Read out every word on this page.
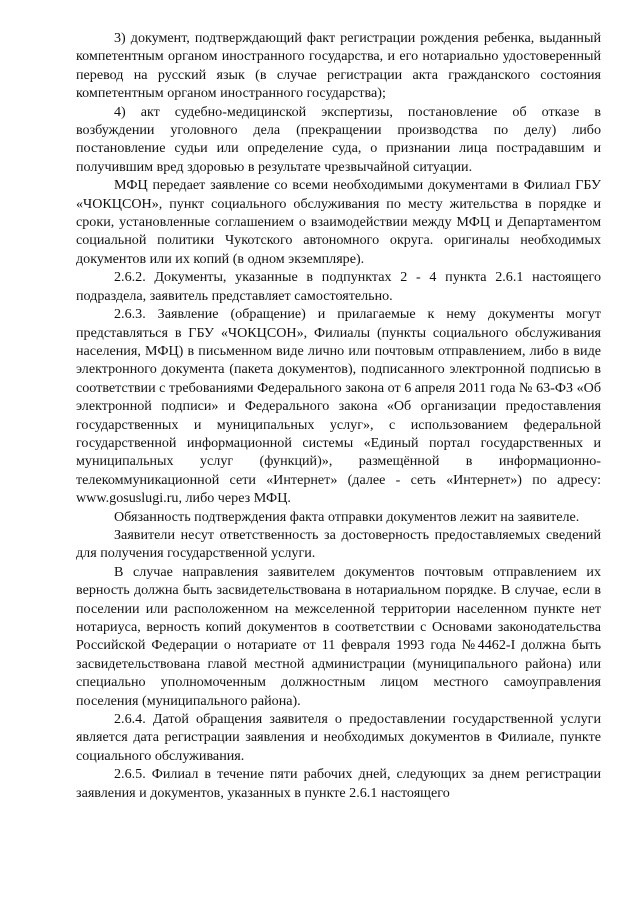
3) документ, подтверждающий факт регистрации рождения ребенка, выданный компетентным органом иностранного государства, и его нотариально удостоверенный перевод на русский язык (в случае регистрации акта гражданского состояния компетентным органом иностранного государства);

4) акт судебно-медицинской экспертизы, постановление об отказе в возбуждении уголовного дела (прекращении производства по делу) либо постановление судьи или определение суда, о признании лица пострадавшим и получившим вред здоровью в результате чрезвычайной ситуации.

МФЦ передает заявление со всеми необходимыми документами в Филиал ГБУ «ЧОКЦСОН», пункт социального обслуживания по месту жительства в порядке и сроки, установленные соглашением о взаимодействии между МФЦ и Департаментом социальной политики Чукотского автономного округа. оригиналы необходимых документов или их копий (в одном экземпляре).

2.6.2. Документы, указанные в подпунктах 2 - 4 пункта 2.6.1 настоящего подраздела, заявитель представляет самостоятельно.

2.6.3. Заявление (обращение) и прилагаемые к нему документы могут представляться в ГБУ «ЧОКЦСОН», Филиалы (пункты социального обслуживания населения, МФЦ) в письменном виде лично или почтовым отправлением, либо в виде электронного документа (пакета документов), подписанного электронной подписью в соответствии с требованиями Федерального закона от 6 апреля 2011 года № 63-ФЗ «Об электронной подписи» и Федерального закона «Об организации предоставления государственных и муниципальных услуг», с использованием федеральной государственной информационной системы «Единый портал государственных и муниципальных услуг (функций)», размещённой в информационно-телекоммуникационной сети «Интернет» (далее - сеть «Интернет») по адресу: www.gosuslugi.ru, либо через МФЦ.

Обязанность подтверждения факта отправки документов лежит на заявителе.

Заявители несут ответственность за достоверность предоставляемых сведений для получения государственной услуги.

В случае направления заявителем документов почтовым отправлением их верность должна быть засвидетельствована в нотариальном порядке. В случае, если в поселении или расположенном на межселенной территории населенном пункте нет нотариуса, верность копий документов в соответствии с Основами законодательства Российской Федерации о нотариате от 11 февраля 1993 года №4462-I должна быть засвидетельствована главой местной администрации (муниципального района) или специально уполномоченным должностным лицом местного самоуправления поселения (муниципального района).

2.6.4. Датой обращения заявителя о предоставлении государственной услуги является дата регистрации заявления и необходимых документов в Филиале, пункте социального обслуживания.

2.6.5. Филиал в течение пяти рабочих дней, следующих за днем регистрации заявления и документов, указанных в пункте 2.6.1 настоящего
